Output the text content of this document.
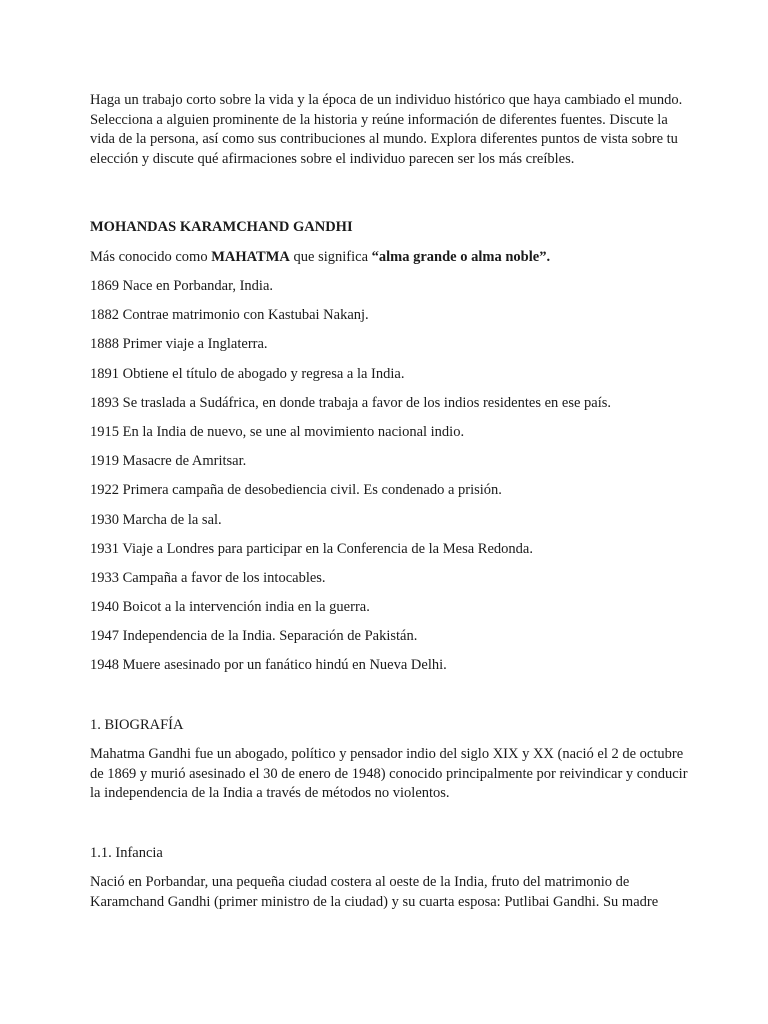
Haga un trabajo corto sobre la vida y la época de un individuo histórico que haya cambiado el mundo. Selecciona a alguien prominente de la historia y reúne información de diferentes fuentes. Discute la vida de la persona, así como sus contribuciones al mundo. Explora diferentes puntos de vista sobre tu elección y discute qué afirmaciones sobre el individuo parecen ser los más creíbles.

MOHANDAS KARAMCHAND GANDHI

Más conocido como MAHATMA que significa “alma grande o alma noble”.

1869 Nace en Porbandar, India.
1882 Contrae matrimonio con Kastubai Nakanj.
1888 Primer viaje a Inglaterra.
1891 Obtiene el título de abogado y regresa a la India.
1893 Se traslada a Sudáfrica, en donde trabaja a favor de los indios residentes en ese país.
1915 En la India de nuevo, se une al movimiento nacional indio.
1919 Masacre de Amritsar.
1922 Primera campaña de desobediencia civil. Es condenado a prisión.
1930 Marcha de la sal.
1931 Viaje a Londres para participar en la Conferencia de la Mesa Redonda.
1933 Campaña a favor de los intocables.
1940 Boicot a la intervención india en la guerra.
1947 Independencia de la India. Separación de Pakistán.
1948 Muere asesinado por un fanático hindú en Nueva Delhi.

1. BIOGRAFÍA

Mahatma Gandhi fue un abogado, político y pensador indio del siglo XIX y XX (nació el 2 de octubre de 1869 y murió asesinado el 30 de enero de 1948) conocido principalmente por reivindicar y conducir la independencia de la India a través de métodos no violentos.

1.1. Infancia

Nació en Porbandar, una pequeña ciudad costera al oeste de la India, fruto del matrimonio de Karamchand Gandhi (primer ministro de la ciudad) y su cuarta esposa: Putlibai Gandhi. Su madre
